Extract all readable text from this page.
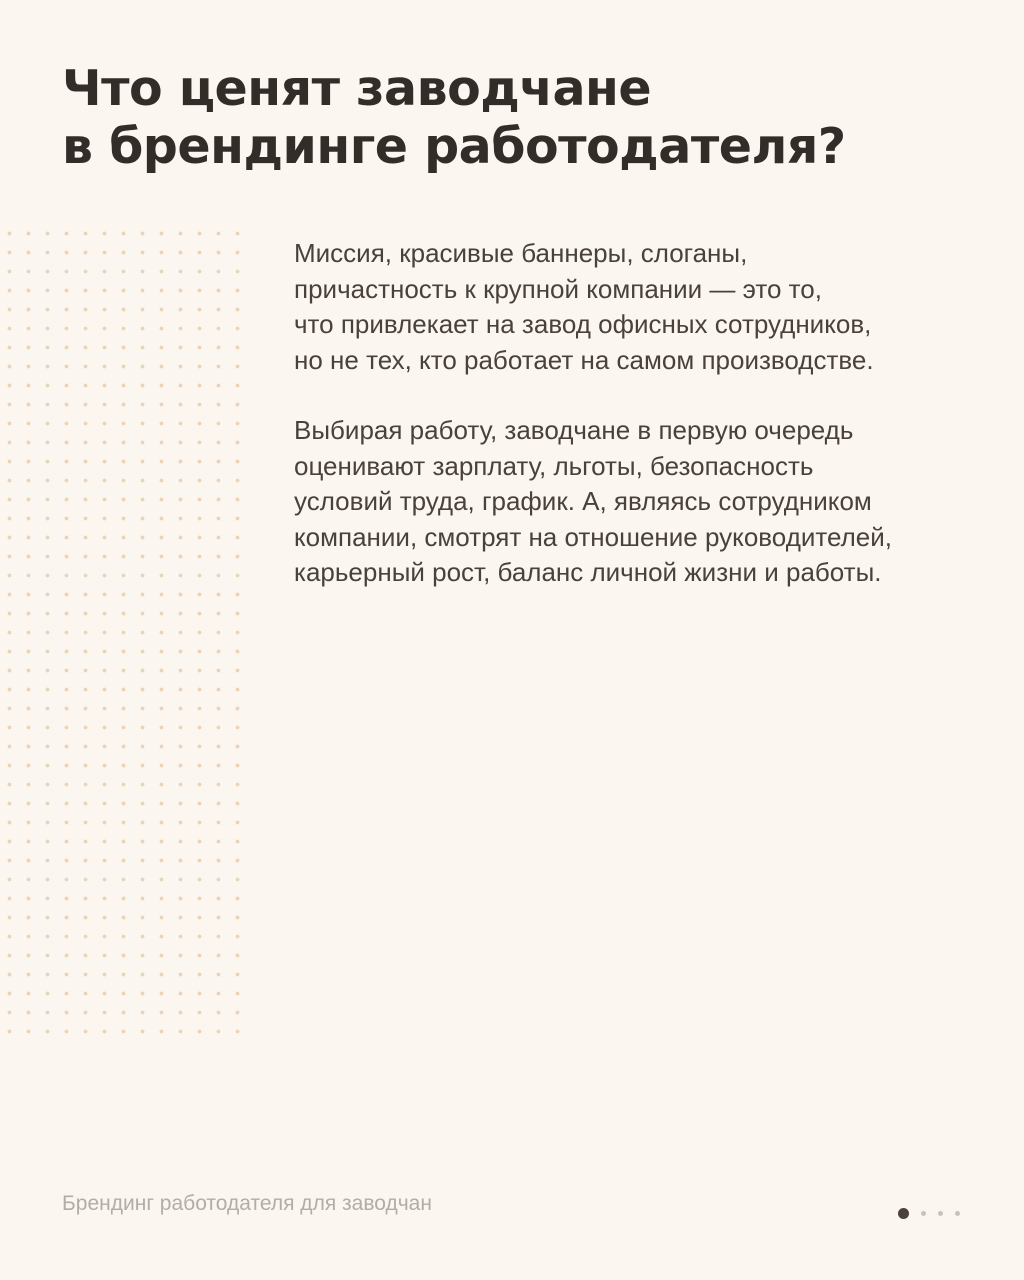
Что ценят заводчане
в брендинге работодателя?

Миссия, красивые баннеры, слоганы,
причастность к крупной компании — это то,
что привлекает на завод офисных сотрудников,
но не тех, кто работает на самом производстве.

Выбирая работу, заводчане в первую очередь
оценивают зарплату, льготы, безопасность
условий труда, график. А, являясь сотрудником
компании, смотрят на отношение руководителей,
карьерный рост, баланс личной жизни и работы.

Брендинг работодателя для заводчан
